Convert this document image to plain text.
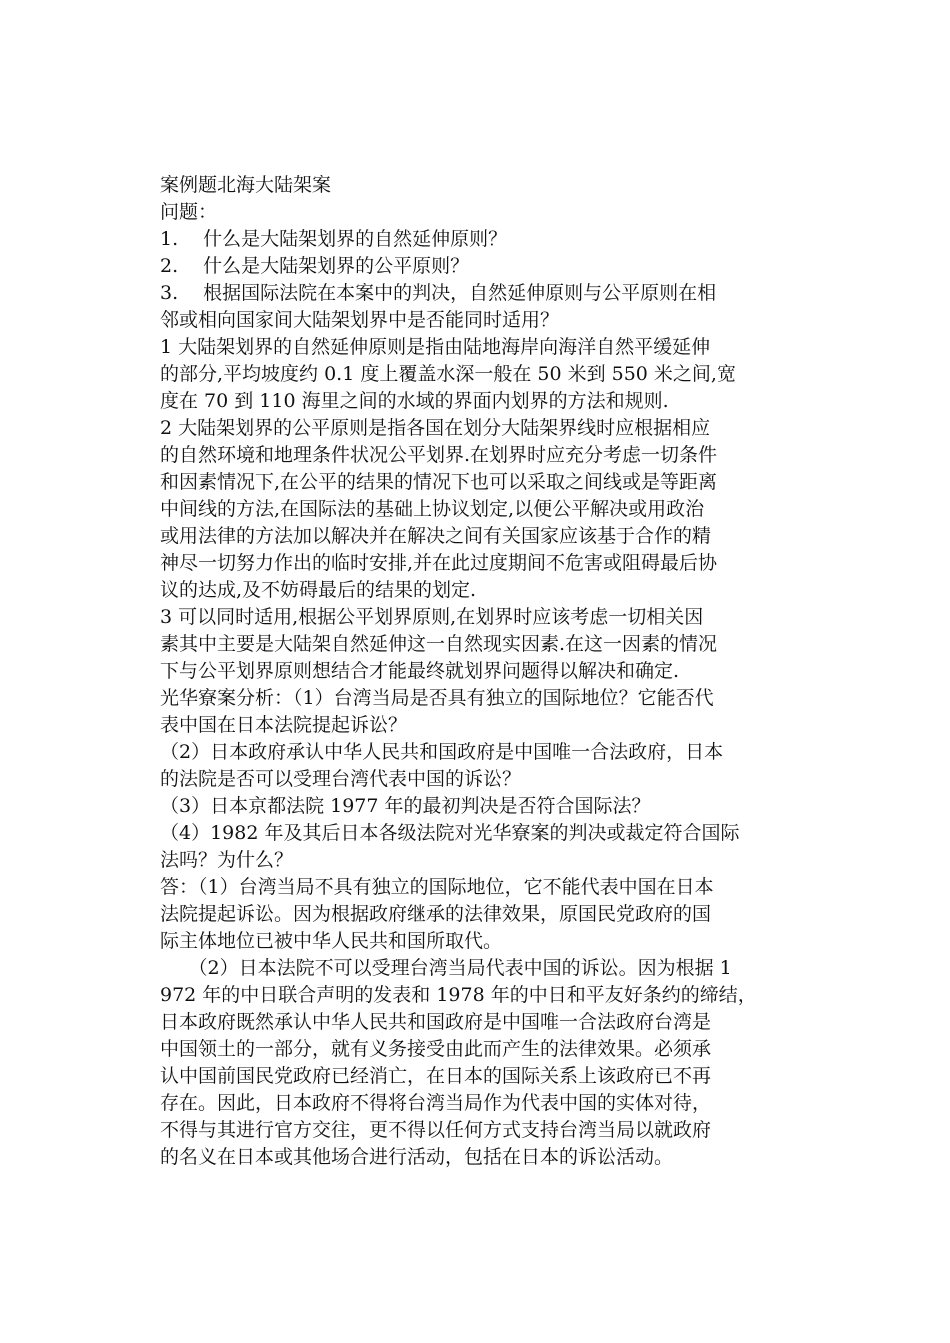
案例题北海大陆架案
问题：
1.　 什么是大陆架划界的自然延伸原则？
2.　 什么是大陆架划界的公平原则？
3.　 根据国际法院在本案中的判决，自然延伸原则与公平原则在相
邻或相向国家间大陆架划界中是否能同时适用？
1 大陆架划界的自然延伸原则是指由陆地海岸向海洋自然平缓延伸
的部分,平均坡度约 0.1 度上覆盖水深一般在 50 米到 550 米之间,宽
度在 70 到 110 海里之间的水域的界面内划界的方法和规则.
2 大陆架划界的公平原则是指各国在划分大陆架界线时应根据相应
的自然环境和地理条件状况公平划界.在划界时应充分考虑一切条件
和因素情况下,在公平的结果的情况下也可以采取之间线或是等距离
中间线的方法,在国际法的基础上协议划定,以便公平解决或用政治
或用法律的方法加以解决并在解决之间有关国家应该基于合作的精
神尽一切努力作出的临时安排,并在此过度期间不危害或阻碍最后协
议的达成,及不妨碍最后的结果的划定.
3 可以同时适用,根据公平划界原则,在划界时应该考虑一切相关因
素其中主要是大陆架自然延伸这一自然现实因素.在这一因素的情况
下与公平划界原则想结合才能最终就划界问题得以解决和确定.
光华寮案分析：（1）台湾当局是否具有独立的国际地位？它能否代
表中国在日本法院提起诉讼？
（2）日本政府承认中华人民共和国政府是中国唯一合法政府，日本
的法院是否可以受理台湾代表中国的诉讼？
（3）日本京都法院 1977 年的最初判决是否符合国际法？
（4）1982 年及其后日本各级法院对光华寮案的判决或裁定符合国际
法吗？为什么？
答：（1）台湾当局不具有独立的国际地位，它不能代表中国在日本
法院提起诉讼。因为根据政府继承的法律效果，原国民党政府的国
际主体地位已被中华人民共和国所取代。
　　（2）日本法院不可以受理台湾当局代表中国的诉讼。因为根据 1
972 年的中日联合声明的发表和 1978 年的中日和平友好条约的缔结，
日本政府既然承认中华人民共和国政府是中国唯一合法政府台湾是
中国领土的一部分，就有义务接受由此而产生的法律效果。必须承
认中国前国民党政府已经消亡，在日本的国际关系上该政府已不再
存在。因此，日本政府不得将台湾当局作为代表中国的实体对待，
不得与其进行官方交往，更不得以任何方式支持台湾当局以就政府
的名义在日本或其他场合进行活动，包括在日本的诉讼活动。
